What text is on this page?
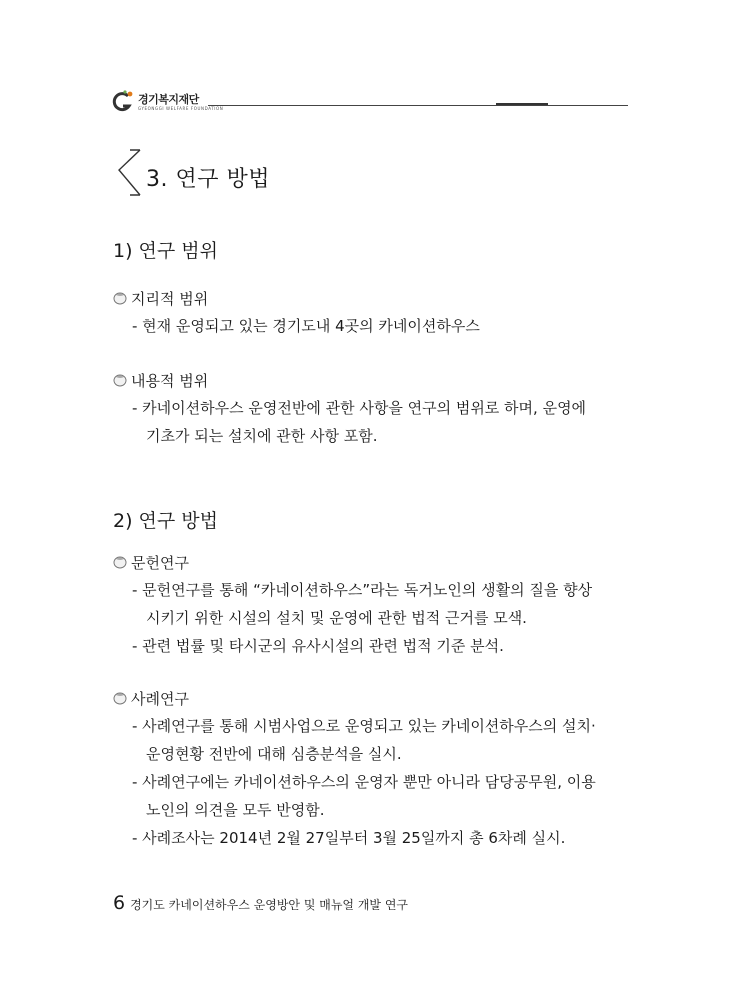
경기복지재단
GYEONGGI WELFARE FOUNDATION
3. 연구 방법
1) 연구 범위
지리적 범위
- 현재 운영되고 있는 경기도내 4곳의 카네이션하우스
내용적 범위
- 카네이션하우스 운영전반에 관한 사항을 연구의 범위로 하며, 운영에
기초가 되는 설치에 관한 사항 포함.
2) 연구 방법
문헌연구
- 문헌연구를 통해 “카네이션하우스”라는 독거노인의 생활의 질을 향상
시키기 위한 시설의 설치 및 운영에 관한 법적 근거를 모색.
- 관련 법률 및 타시군의 유사시설의 관련 법적 기준 분석.
사례연구
- 사례연구를 통해 시범사업으로 운영되고 있는 카네이션하우스의 설치·
운영현황 전반에 대해 심층분석을 실시.
- 사례연구에는 카네이션하우스의 운영자 뿐만 아니라 담당공무원, 이용
노인의 의견을 모두 반영함.
- 사례조사는 2014년 2월 27일부터 3월 25일까지 총 6차례 실시.
6 경기도 카네이션하우스 운영방안 및 매뉴얼 개발 연구
